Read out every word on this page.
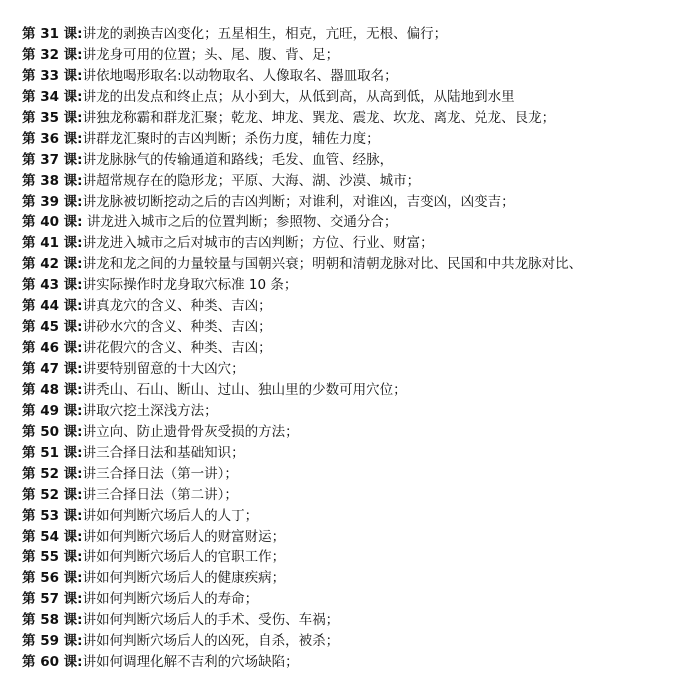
第 31 课:讲龙的剥换吉凶变化；五星相生，相克，亢旺，无根、偏行；
第 32 课:讲龙身可用的位置；头、尾、腹、背、足；
第 33 课:讲依地喝形取名:以动物取名、人像取名、器皿取名；
第 34 课:讲龙的出发点和终止点；从小到大，从低到高，从高到低，从陆地到水里
第 35 课:讲独龙称霸和群龙汇聚；乾龙、坤龙、巽龙、震龙、坎龙、离龙、兑龙、艮龙；
第 36 课:讲群龙汇聚时的吉凶判断；杀伤力度，辅佐力度；
第 37 课:讲龙脉脉气的传输通道和路线；毛发、血管、经脉，
第 38 课:讲超常规存在的隐形龙；平原、大海、湖、沙漠、城市；
第 39 课:讲龙脉被切断挖动之后的吉凶判断；对谁利，对谁凶，吉变凶，凶变吉；
第 40 课: 讲龙进入城市之后的位置判断；参照物、交通分合；
第 41 课:讲龙进入城市之后对城市的吉凶判断；方位、行业、财富；
第 42 课:讲龙和龙之间的力量较量与国朝兴衰；明朝和清朝龙脉对比、民国和中共龙脉对比、
第 43 课:讲实际操作时龙身取穴标准 10 条；
第 44 课:讲真龙穴的含义、种类、吉凶；
第 45 课:讲砂水穴的含义、种类、吉凶；
第 46 课:讲花假穴的含义、种类、吉凶；
第 47 课:讲要特别留意的十大凶穴；
第 48 课:讲秃山、石山、断山、过山、独山里的少数可用穴位；
第 49 课:讲取穴挖土深浅方法；
第 50 课:讲立向、防止遗骨骨灰受损的方法；
第 51 课:讲三合择日法和基础知识；
第 52 课:讲三合择日法（第一讲）；
第 52 课:讲三合择日法（第二讲）；
第 53 课:讲如何判断穴场后人的人丁；
第 54 课:讲如何判断穴场后人的财富财运；
第 55 课:讲如何判断穴场后人的官职工作；
第 56 课:讲如何判断穴场后人的健康疾病；
第 57 课:讲如何判断穴场后人的寿命；
第 58 课:讲如何判断穴场后人的手术、受伤、车祸；
第 59 课:讲如何判断穴场后人的凶死，自杀，被杀；
第 60 课:讲如何调理化解不吉利的穴场缺陷；
